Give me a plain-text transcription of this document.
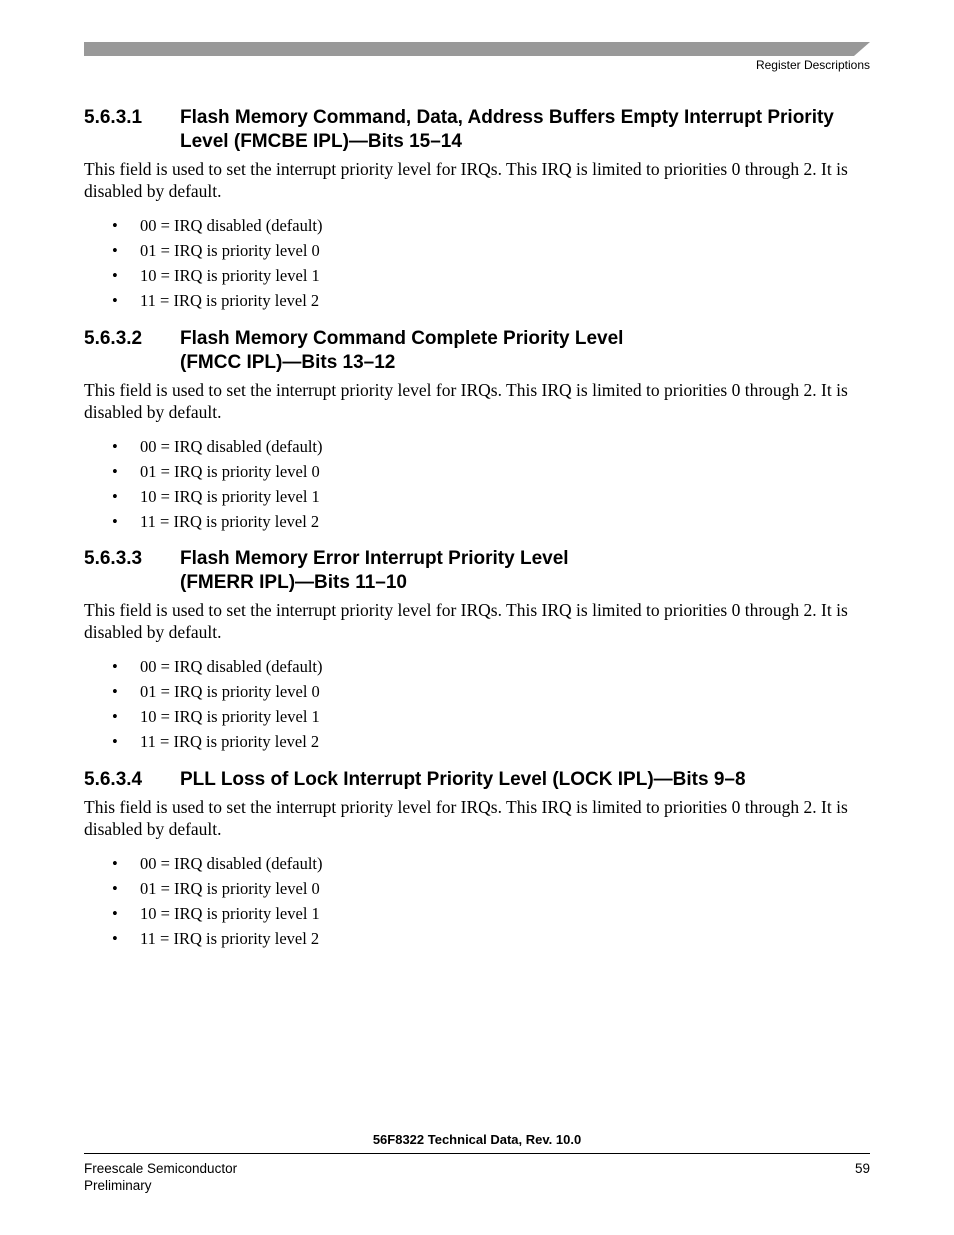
Register Descriptions
5.6.3.1	Flash Memory Command, Data, Address Buffers Empty Interrupt Priority Level (FMCBE IPL)—Bits 15–14
This field is used to set the interrupt priority level for IRQs. This IRQ is limited to priorities 0 through 2. It is disabled by default.
• 00 = IRQ disabled (default)
• 01 = IRQ is priority level 0
• 10 = IRQ is priority level 1
• 11 = IRQ is priority level 2
5.6.3.2	Flash Memory Command Complete Priority Level (FMCC IPL)—Bits 13–12
This field is used to set the interrupt priority level for IRQs. This IRQ is limited to priorities 0 through 2. It is disabled by default.
• 00 = IRQ disabled (default)
• 01 = IRQ is priority level 0
• 10 = IRQ is priority level 1
• 11 = IRQ is priority level 2
5.6.3.3	Flash Memory Error Interrupt Priority Level (FMERR IPL)—Bits 11–10
This field is used to set the interrupt priority level for IRQs. This IRQ is limited to priorities 0 through 2. It is disabled by default.
• 00 = IRQ disabled (default)
• 01 = IRQ is priority level 0
• 10 = IRQ is priority level 1
• 11 = IRQ is priority level 2
5.6.3.4	PLL Loss of Lock Interrupt Priority Level (LOCK IPL)—Bits 9–8
This field is used to set the interrupt priority level for IRQs. This IRQ is limited to priorities 0 through 2. It is disabled by default.
• 00 = IRQ disabled (default)
• 01 = IRQ is priority level 0
• 10 = IRQ is priority level 1
• 11 = IRQ is priority level 2
56F8322 Technical Data, Rev. 10.0
Freescale Semiconductor
Preliminary
59
